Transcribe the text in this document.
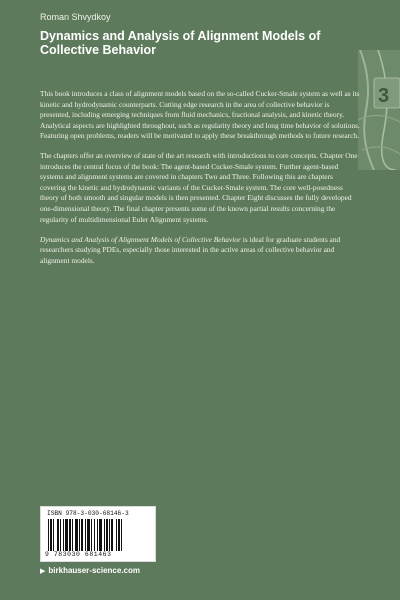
3
Roman Shvydkoy
Dynamics and Analysis of Alignment Models of Collective Behavior

This book introduces a class of alignment models based on the so-called Cucker-Smale system as well as its kinetic and hydrodynamic counterparts. Cutting edge research in the area of collective behavior is presented, including emerging techniques from fluid mechanics, fractional analysis, and kinetic theory. Analytical aspects are highlighted throughout, such as regularity theory and long time behavior of solutions. Featuring open problems, readers will be motivated to apply these breakthrough methods to future research.

The chapters offer an overview of state of the art research with introductions to core concepts. Chapter One introduces the central focus of the book: The agent-based Cucker-Smale system. Further agent-based systems and alignment systems are covered in chapters Two and Three. Following this are chapters covering the kinetic and hydrodynamic variants of the Cucker-Smale system. The core well-posedness theory of both smooth and singular models is then presented. Chapter Eight discusses the fully developed one-dimensional theory. The final chapter presents some of the known partial results concerning the regularity of multidimensional Euler Alignment systems.

Dynamics and Analysis of Alignment Models of Collective Behavior is ideal for graduate students and researchers studying PDEs, especially those interested in the active areas of collective behavior and alignment models.

ISBN 978-3-030-68146-3
9 783030 681463
▶ birkhauser-science.com
